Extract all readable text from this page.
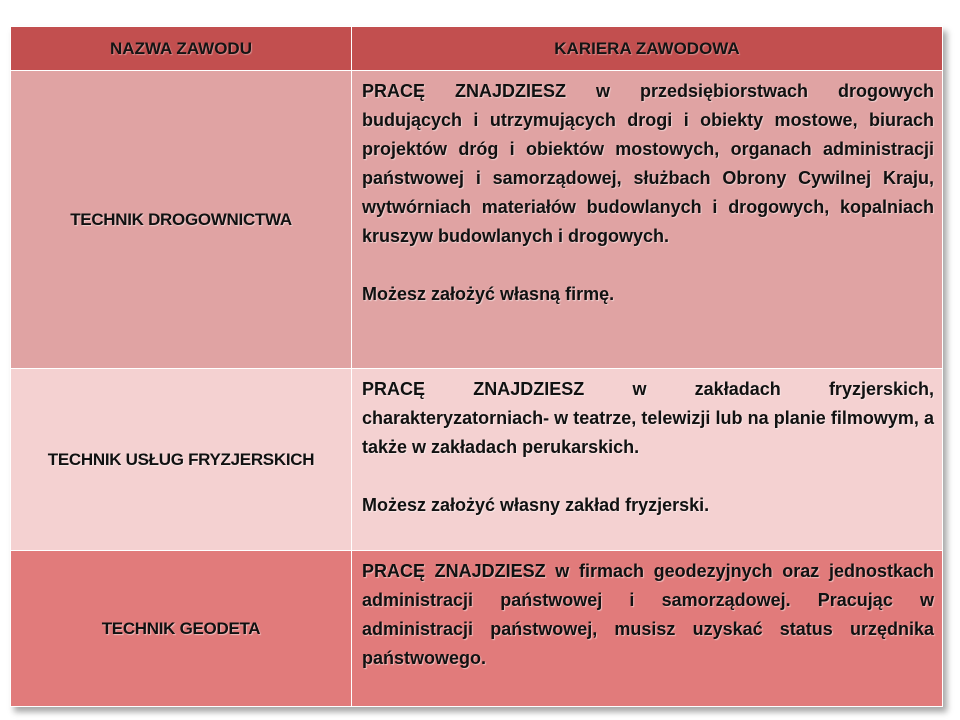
NAZWA ZAWODU	KARIERA ZAWODOWA
TECHNIK DROGOWNICTWA	PRACĘ ZNAJDZIESZ w przedsiębiorstwach drogowych budujących i utrzymujących drogi i obiekty mostowe, biurach projektów dróg i obiektów mostowych, organach administracji państwowej i samorządowej, służbach Obrony Cywilnej Kraju, wytwórniach materiałów budowlanych i drogowych, kopalniach kruszyw budowlanych i drogowych.

Możesz założyć własną firmę.

TECHNIK USŁUG FRYZJERSKICH	PRACĘ ZNAJDZIESZ w zakładach fryzjerskich, charakteryzatorniach- w teatrze, telewizji lub na planie filmowym, a także w zakładach perukarskich.

Możesz założyć własny zakład fryzjerski.

TECHNIK GEODETA	PRACĘ ZNAJDZIESZ w firmach geodezyjnych oraz jednostkach administracji państwowej i samorządowej. Pracując w administracji państwowej, musisz uzyskać status urzędnika państwowego.
